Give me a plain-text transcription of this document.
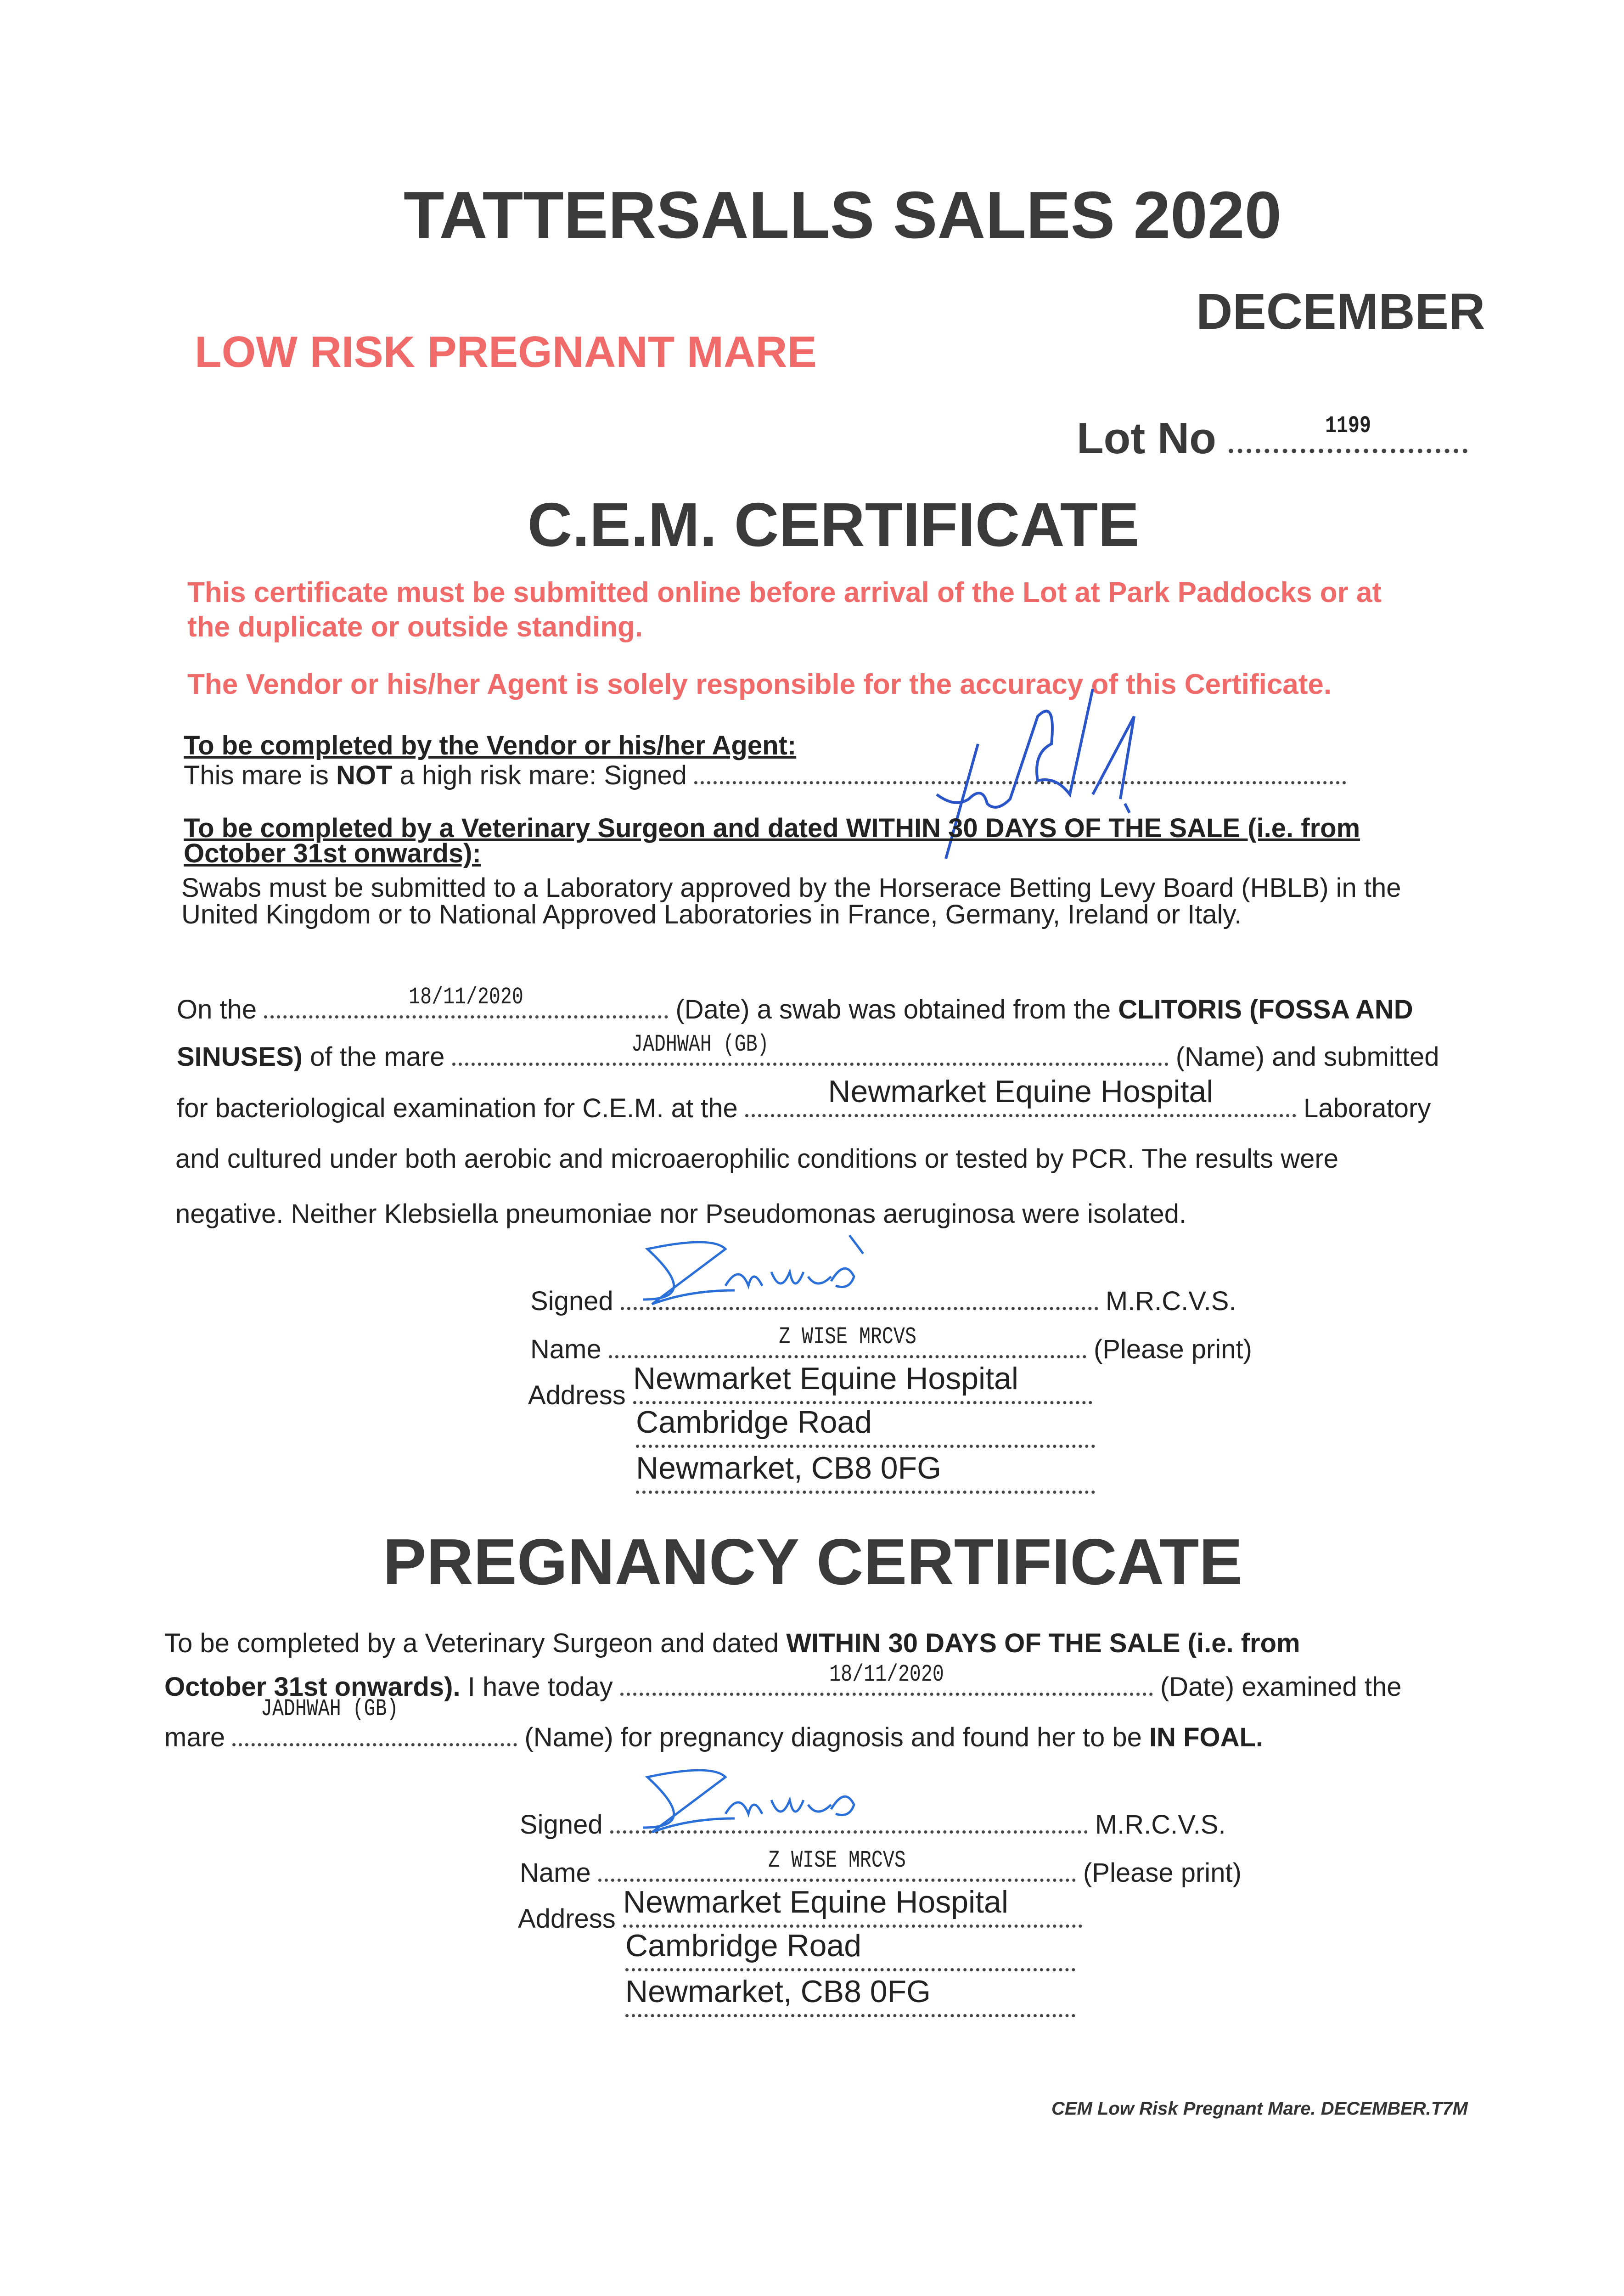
TATTERSALLS SALES 2020
DECEMBER
LOW RISK PREGNANT MARE
Lot No	1199
C.E.M. CERTIFICATE
This certificate must be submitted online before arrival of the Lot at Park Paddocks or at
the duplicate or outside standing.
The Vendor or his/her Agent is solely responsible for the accuracy of this Certificate.
To be completed by the Vendor or his/her Agent:
This mare is NOT a high risk mare: Signed
To be completed by a Veterinary Surgeon and dated WITHIN 30 DAYS OF THE SALE (i.e. from
October 31st onwards):
Swabs must be submitted to a Laboratory approved by the Horserace Betting Levy Board (HBLB) in the
United Kingdom or to National Approved Laboratories in France, Germany, Ireland or Italy.
On the	18/11/2020	(Date) a swab was obtained from the CLITORIS (FOSSA AND
SINUSES) of the mare	JADHWAH (GB)	(Name) and submitted
for bacteriological examination for C.E.M. at the	Newmarket Equine Hospital	Laboratory
and cultured under both aerobic and microaerophilic conditions or tested by PCR. The results were
negative. Neither Klebsiella pneumoniae nor Pseudomonas aeruginosa were isolated.
Signed	M.R.C.V.S.
Name	Z WISE MRCVS	(Please print)
Address Newmarket Equine Hospital
Cambridge Road
Newmarket, CB8 0FG
PREGNANCY CERTIFICATE
To be completed by a Veterinary Surgeon and dated WITHIN 30 DAYS OF THE SALE (i.e. from
October 31st onwards). I have today	18/11/2020	(Date) examined the
mare
JADHWAH (GB)
(Name) for pregnancy diagnosis and found her to be IN FOAL.
Signed	M.R.C.V.S.
Name	Z WISE MRCVS	(Please print)
Address Newmarket Equine Hospital
Cambridge Road
Newmarket, CB8 0FG
CEM Low Risk Pregnant Mare. DECEMBER.T7M
